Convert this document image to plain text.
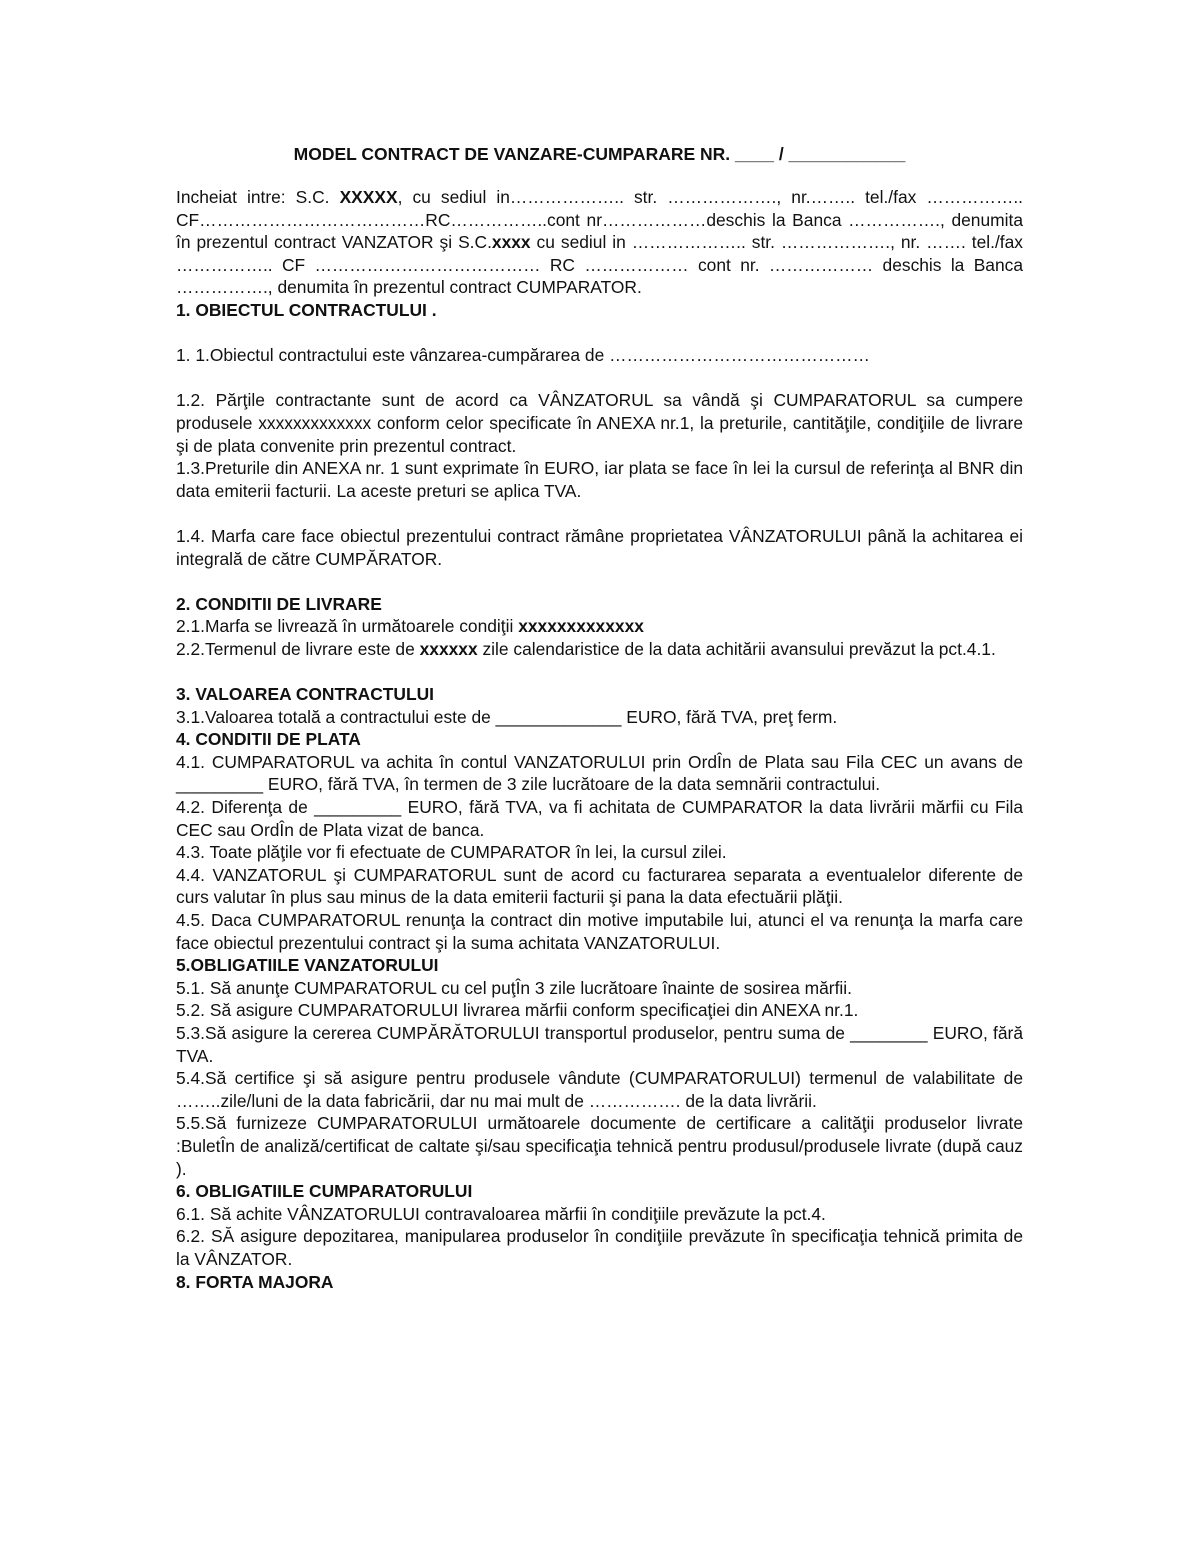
MODEL CONTRACT DE VANZARE-CUMPARARE NR. ____ / ____________

Incheiat intre: S.C. XXXXX, cu sediul in……………….. str. ………………., nr.…….. tel./fax …………….. CF…………………………………RC……………..cont nr………………deschis la Banca ……………., denumita în prezentul contract VANZATOR şi S.C.xxxx cu sediul in ……………….. str. ………………., nr. ……. tel./fax …………….. CF ………………………………… RC ……………… cont nr. ……………… deschis la Banca ……………., denumita în prezentul contract CUMPARATOR.

1. OBIECTUL CONTRACTULUI .

1. 1.Obiectul contractului este vânzarea-cumpărarea de ………………………………………

1.2. Părţile contractante sunt de acord ca VÂNZATORUL sa vândă şi CUMPARATORUL sa cumpere produsele xxxxxxxxxxxxx conform celor specificate în ANEXA nr.1, la preturile, cantităţile, condiţiile de livrare şi de plata convenite prin prezentul contract.

1.3.Preturile din ANEXA nr. 1 sunt exprimate în EURO, iar plata se face în lei la cursul de referinţa al BNR din data emiterii facturii. La aceste preturi se aplica TVA.

1.4. Marfa care face obiectul prezentului contract rămâne proprietatea VÂNZATORULUI până la achitarea ei integrală de către CUMPĂRATOR.

2. CONDITII DE LIVRARE

2.1.Marfa se livrează în următoarele condiţii xxxxxxxxxxxxx

2.2.Termenul de livrare este de xxxxxx zile calendaristice de la data achitării avansului prevăzut la pct.4.1.

3. VALOAREA CONTRACTULUI

3.1.Valoarea totală a contractului este de _____________ EURO, fără TVA, preţ ferm.

4. CONDITII DE PLATA

4.1. CUMPARATORUL va achita în contul VANZATORULUI prin OrdÎn de Plata sau Fila CEC un avans de _________ EURO, fără TVA, în termen de 3 zile lucrătoare de la data semnării contractului.

4.2. Diferenţa de _________ EURO, fără TVA, va fi achitata de CUMPARATOR la data livrării mărfii cu Fila CEC sau OrdÎn de Plata vizat de banca.

4.3. Toate plăţile vor fi efectuate de CUMPARATOR în lei, la cursul zilei.

4.4. VANZATORUL şi CUMPARATORUL sunt de acord cu facturarea separata a eventualelor diferente de curs valutar în plus sau minus de la data emiterii facturii şi pana la data efectuării plăţii.

4.5. Daca CUMPARATORUL renunţa la contract din motive imputabile lui, atunci el va renunţa la marfa care face obiectul prezentului contract şi la suma achitata VANZATORULUI.

5.OBLIGATIILE VANZATORULUI

5.1. Să anunţe CUMPARATORUL cu cel puţÎn 3 zile lucrătoare înainte de sosirea mărfii.

5.2. Să asigure CUMPARATORULUI livrarea mărfii conform specificaţiei din ANEXA nr.1.

5.3.Să asigure la cererea CUMPĂRĂTORULUI transportul produselor, pentru suma de ________ EURO, fără TVA.

5.4.Să certifice şi să asigure pentru produsele vândute (CUMPARATORULUI) termenul de valabilitate de ……..zile/luni de la data fabricării, dar nu mai mult de ……………. de la data livrării.

5.5.Să furnizeze CUMPARATORULUI următoarele documente de certificare a calităţii produselor livrate :BuletÎn de analiză/certificat de caltate şi/sau specificaţia tehnică pentru produsul/produsele livrate (după cauz ).

6. OBLIGATIILE CUMPARATORULUI

6.1. Să achite VÂNZATORULUI contravaloarea mărfii în condiţiile prevăzute la pct.4.

6.2. SĂ asigure depozitarea, manipularea produselor în condiţiile prevăzute în specificaţia tehnică primita de la VÂNZATOR.

8. FORTA MAJORA
